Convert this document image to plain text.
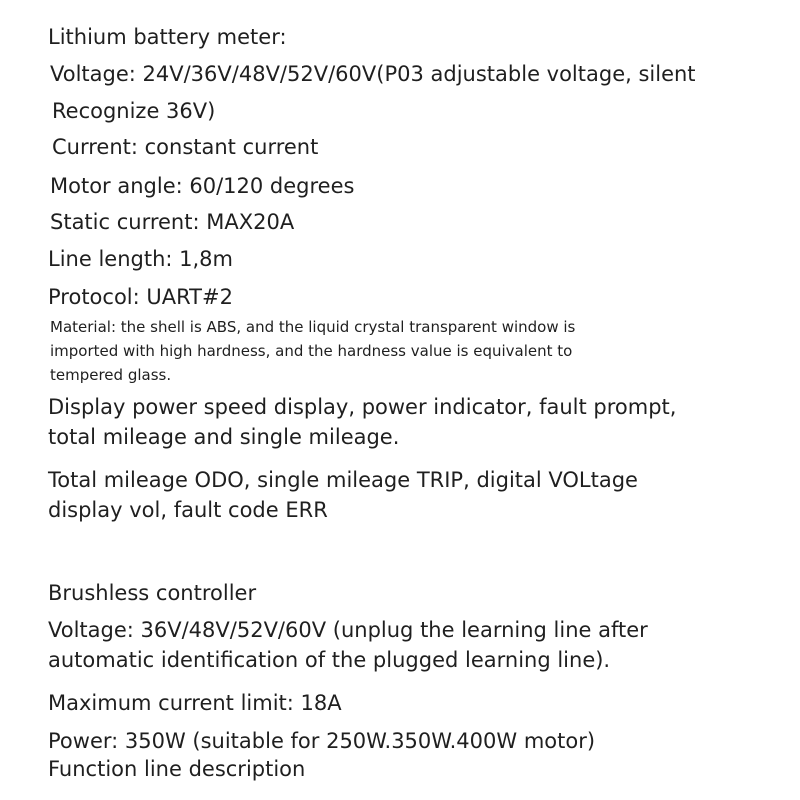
Lithium battery meter:

Voltage: 24V/36V/48V/52V/60V(P03 adjustable voltage, silent

Recognize 36V)

Current: constant current

Motor angle: 60/120 degrees

Static current: MAX20A

Line length: 1,8m

Protocol: UART#2

Material: the shell is ABS, and the liquid crystal transparent window is

imported with high hardness, and the hardness value is equivalent to

tempered glass.

Display power speed display, power indicator, fault prompt,

total mileage and single mileage.

Total mileage ODO, single mileage TRIP, digital VOLtage

display vol, fault code ERR

Brushless controller

Voltage: 36V/48V/52V/60V (unplug the learning line after

automatic identification of the plugged learning line).

Maximum current limit: 18A

Power: 350W (suitable for 250W.350W.400W motor)

Function line description
